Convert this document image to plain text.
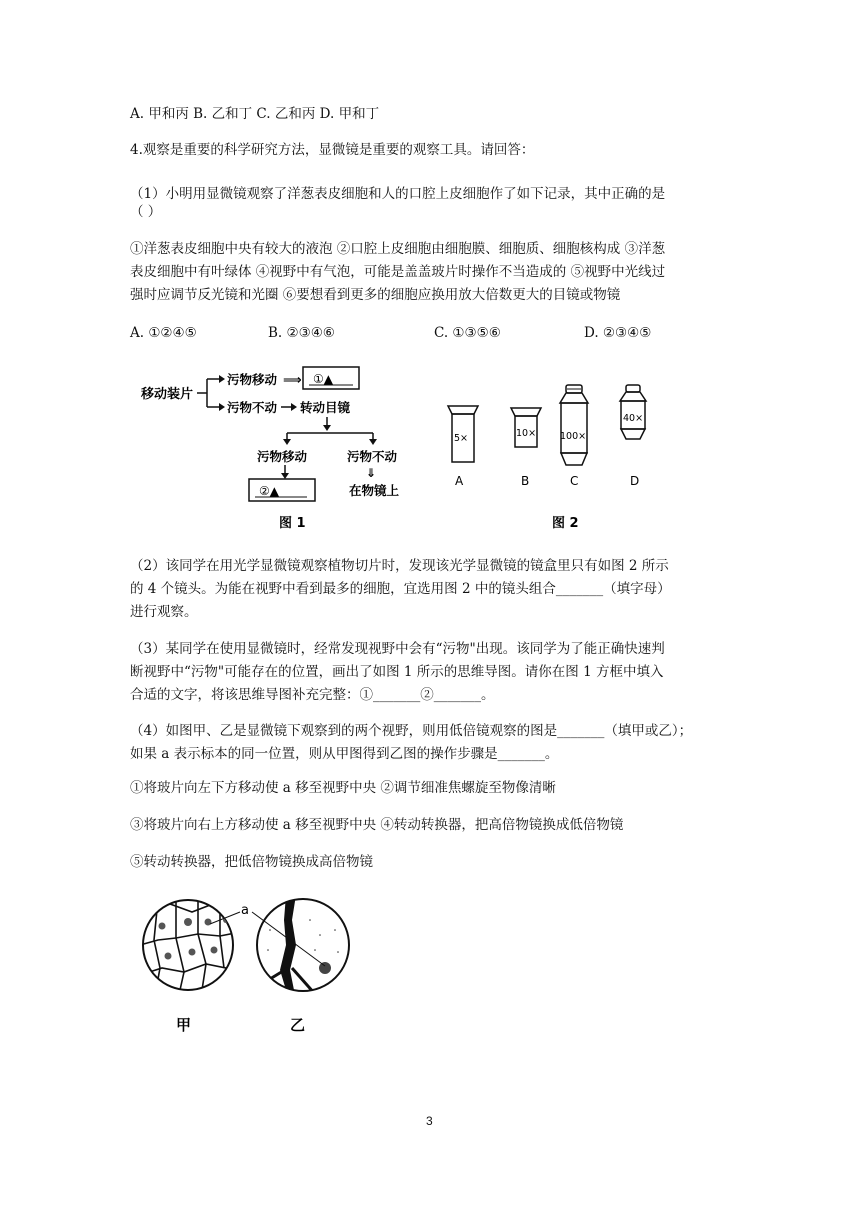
A. 甲和丙 B. 乙和丁 C. 乙和丙 D. 甲和丁
4.观察是重要的科学研究方法，显微镜是重要的观察工具。请回答：
（1）小明用显微镜观察了洋葱表皮细胞和人的口腔上皮细胞作了如下记录，其中正确的是
（ ）
①洋葱表皮细胞中央有较大的液泡 ②口腔上皮细胞由细胞膜、细胞质、细胞核构成 ③洋葱
表皮细胞中有叶绿体 ④视野中有气泡，可能是盖盖玻片时操作不当造成的 ⑤视野中光线过
强时应调节反光镜和光圈 ⑥要想看到更多的细胞应换用放大倍数更大的目镜或物镜
A. ①②④⑤	B. ②③④⑥	C. ①③⑤⑥	D. ②③④⑤
移动装片
污物移动 ⟹ ①▲
污物不动 转动目镜
污物移动	污物不动
⇓
②▲	在物镜上
图 1
5×
A
10×
B
100×
C
40×
D
图 2
（2）该同学在用光学显微镜观察植物切片时，发现该光学显微镜的镜盒里只有如图 2 所示
的 4 个镜头。为能在视野中看到最多的细胞，宜选用图 2 中的镜头组合_______（填字母）
进行观察。
（3）某同学在使用显微镜时，经常发现视野中会有“污物"出现。该同学为了能正确快速判
断视野中“污物"可能存在的位置，画出了如图 1 所示的思维导图。请你在图 1 方框中填入
合适的文字，将该思维导图补充完整：①_______②_______。
（4）如图甲、乙是显微镜下观察到的两个视野，则用低倍镜观察的图是_______（填甲或乙）；
如果 a 表示标本的同一位置，则从甲图得到乙图的操作步骤是_______。
①将玻片向左下方移动使 a 移至视野中央 ②调节细准焦螺旋至物像清晰
③将玻片向右上方移动使 a 移至视野中央 ④转动转换器，把高倍物镜换成低倍物镜
⑤转动转换器，把低倍物镜换成高倍物镜
a
甲	乙
3
